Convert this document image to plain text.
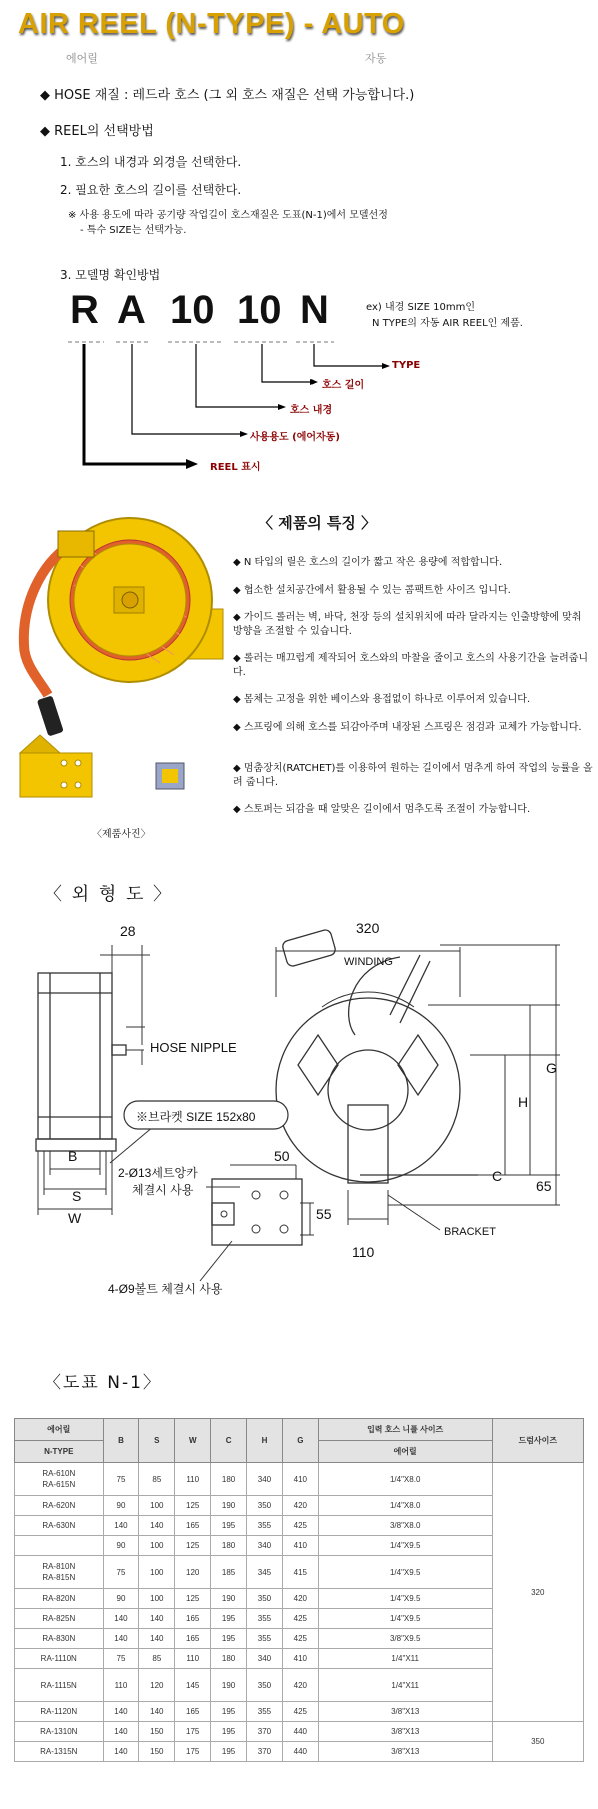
AIR REEL (N-TYPE) - AUTO
에어릴	자동
◆ HOSE 재질 : 레드라 호스 (그 외 호스 재질은 선택 가능합니다.)
◆ REEL의 선택방법
1. 호스의 내경과 외경을 선택한다.
2. 필요한 호스의 길이를 선택한다.
※ 사용 용도에 따라 공기량 작업길이 호스재질은 도표(N-1)에서 모델선정
- 특수 SIZE는 선택가능.
3. 모델명 확인방법
R A 10 10 N	ex) 내경 SIZE 10mm인
N TYPE의 자동 AIR REEL인 제품.
TYPE
호스 길이
호스 내경
사용용도 (에어자동)
REEL 표시
〈제품사진〉
〈 제품의 특징 〉
◆ N 타입의 릴은 호스의 길이가 짧고 작은 용량에 적합합니다.
◆ 협소한 설치공간에서 활용될 수 있는 콤팩트한 사이즈 입니다.
◆ 가이드 롤러는 벽, 바닥, 천장 등의 설치위치에 따라 달라지는 인출방향에 맞춰 방향을 조절할 수 있습니다.
◆ 롤러는 매끄럽게 제작되어 호스와의 마찰을 줄이고 호스의 사용기간을 늘려줍니다.
◆ 몸체는 고정을 위한 베이스와 용접없이 하나로 이루어져 있습니다.
◆ 스프링에 의해 호스를 되감아주며 내장된 스프링은 점검과 교체가 가능합니다.
◆ 멈춤장치(RATCHET)를 이용하여 원하는 길이에서 멈추게 하여 작업의 능률을 올려 줍니다.
◆ 스토퍼는 되감을 때 알맞은 길이에서 멈추도록 조절이 가능합니다.
〈 외 형 도 〉
28	320
HOSE NIPPLE
WINDING
※브라켓 SIZE 152x80
50
55
65
110
2-Ø13세트앙카
체결시 사용
4-Ø9볼트 체결시 사용
BRACKET
B
S
W
C
H
G
〈도표 N-1〉
에어릴	B	S	W	C	H	G	입력 호스 니플 사이즈	드럼사이즈
N-TYPE							에어릴	
RA-610N
RA-615N	75	85	110	180	340	410	1/4"X8.0	320
RA-620N	90	100	125	190	350	420	1/4"X8.0	
RA-630N	140	140	165	195	355	425	3/8"X8.0	
	90	100	125	180	340	410	1/4"X9.5	
RA-810N
RA-815N	75	100	120	185	345	415	1/4"X9.5	
RA-820N	90	100	125	190	350	420	1/4"X9.5	
RA-825N	140	140	165	195	355	425	1/4"X9.5	
RA-830N	140	140	165	195	355	425	3/8"X9.5	
RA-1110N	75	85	110	180	340	410	1/4"X11	
RA-1115N	110	120	145	190	350	420	1/4"X11	
RA-1120N	140	140	165	195	355	425	3/8"X13	
RA-1310N	140	150	175	195	370	440	3/8"X13	350
RA-1315N	140	150	175	195	370	440	3/8"X13	
